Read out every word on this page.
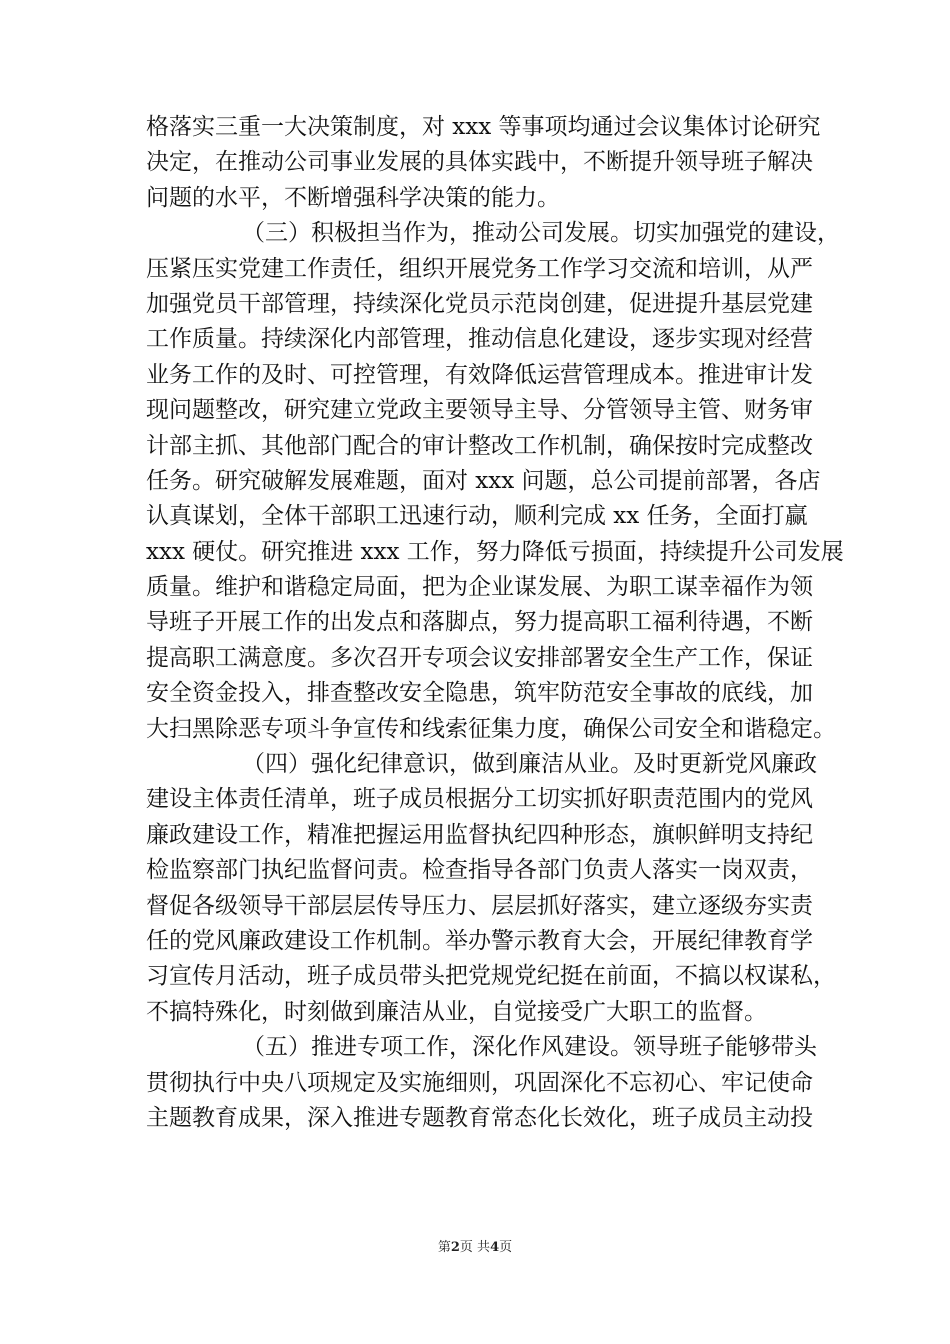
格落实三重一大决策制度，对 xxx 等事项均通过会议集体讨论研究
决定，在推动公司事业发展的具体实践中，不断提升领导班子解决
问题的水平，不断增强科学决策的能力。
（三）积极担当作为，推动公司发展。切实加强党的建设，
压紧压实党建工作责任，组织开展党务工作学习交流和培训，从严
加强党员干部管理，持续深化党员示范岗创建，促进提升基层党建
工作质量。持续深化内部管理，推动信息化建设，逐步实现对经营
业务工作的及时、可控管理，有效降低运营管理成本。推进审计发
现问题整改，研究建立党政主要领导主导、分管领导主管、财务审
计部主抓、其他部门配合的审计整改工作机制，确保按时完成整改
任务。研究破解发展难题，面对 xxx 问题，总公司提前部署，各店
认真谋划，全体干部职工迅速行动，顺利完成 xx 任务，全面打赢
xxx 硬仗。研究推进 xxx 工作，努力降低亏损面，持续提升公司发展
质量。维护和谐稳定局面，把为企业谋发展、为职工谋幸福作为领
导班子开展工作的出发点和落脚点，努力提高职工福利待遇，不断
提高职工满意度。多次召开专项会议安排部署安全生产工作，保证
安全资金投入，排查整改安全隐患，筑牢防范安全事故的底线，加
大扫黑除恶专项斗争宣传和线索征集力度，确保公司安全和谐稳定。
（四）强化纪律意识，做到廉洁从业。及时更新党风廉政
建设主体责任清单，班子成员根据分工切实抓好职责范围内的党风
廉政建设工作，精准把握运用监督执纪四种形态，旗帜鲜明支持纪
检监察部门执纪监督问责。检查指导各部门负责人落实一岗双责，
督促各级领导干部层层传导压力、层层抓好落实，建立逐级夯实责
任的党风廉政建设工作机制。举办警示教育大会，开展纪律教育学
习宣传月活动，班子成员带头把党规党纪挺在前面，不搞以权谋私，
不搞特殊化，时刻做到廉洁从业，自觉接受广大职工的监督。
（五）推进专项工作，深化作风建设。领导班子能够带头
贯彻执行中央八项规定及实施细则，巩固深化不忘初心、牢记使命
主题教育成果，深入推进专题教育常态化长效化，班子成员主动投
第2页 共4页
